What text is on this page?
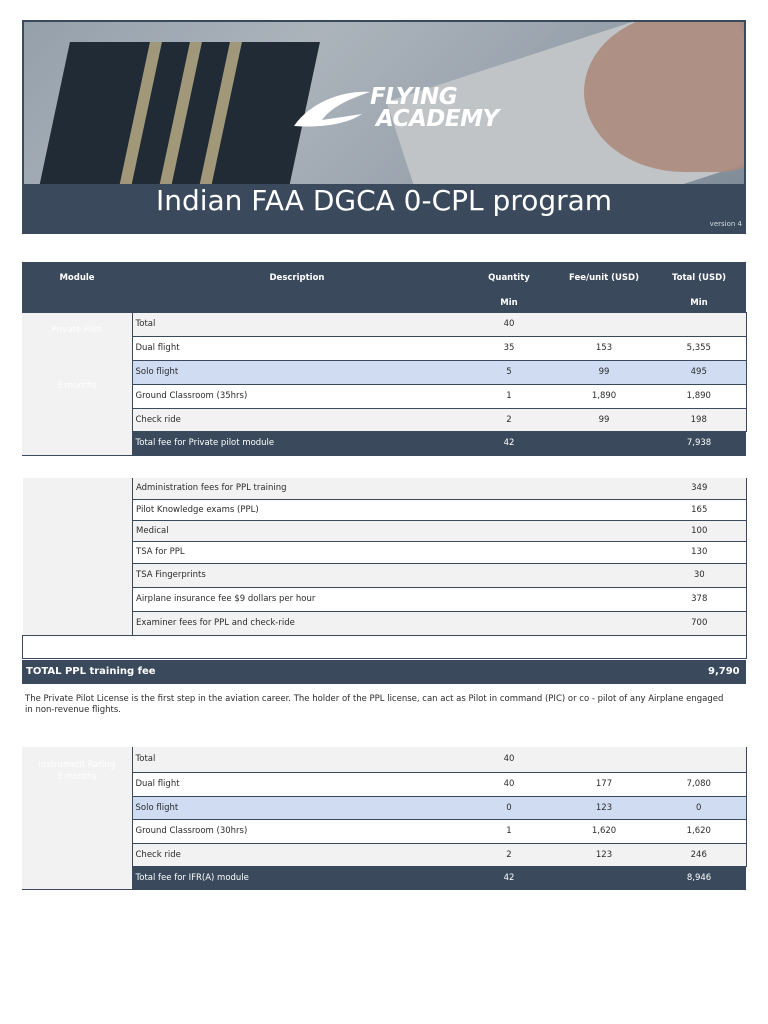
FLYING
ACADEMY
Indian FAA DGCA 0-CPL program
version 4
Module	Description	Quantity	Fee/unit (USD)	Total (USD)
		Min		Min

Private Pilot
3 months	Total	40		
	Dual flight	35	153	5,355
	Solo flight	5	99	495
	Ground Classroom (35hrs)	1	1,890	1,890
	Check ride	2	99	198
	Total fee for Private pilot module	42		7,938
	Administration fees for PPL training			349
	Pilot Knowledge exams (PPL)			165
	Medical			100
	TSA for PPL			130
	TSA Fingerprints			30
	Airplane insurance fee $9 dollars per hour			378
	Examiner fees for PPL and check-ride			700

TOTAL PPL training fee	9,790
The Private Pilot License is the first step in the aviation career. The holder of the PPL license, can act as Pilot in command (PIC) or co - pilot of any Airplane engaged in non-revenue flights.
Instrument Rating
3 months	Total	40		
	Dual flight	40	177	7,080
	Solo flight	0	123	0
	Ground Classroom (30hrs)	1	1,620	1,620
	Check ride	2	123	246
	Total fee for IFR(A) module	42		8,946
